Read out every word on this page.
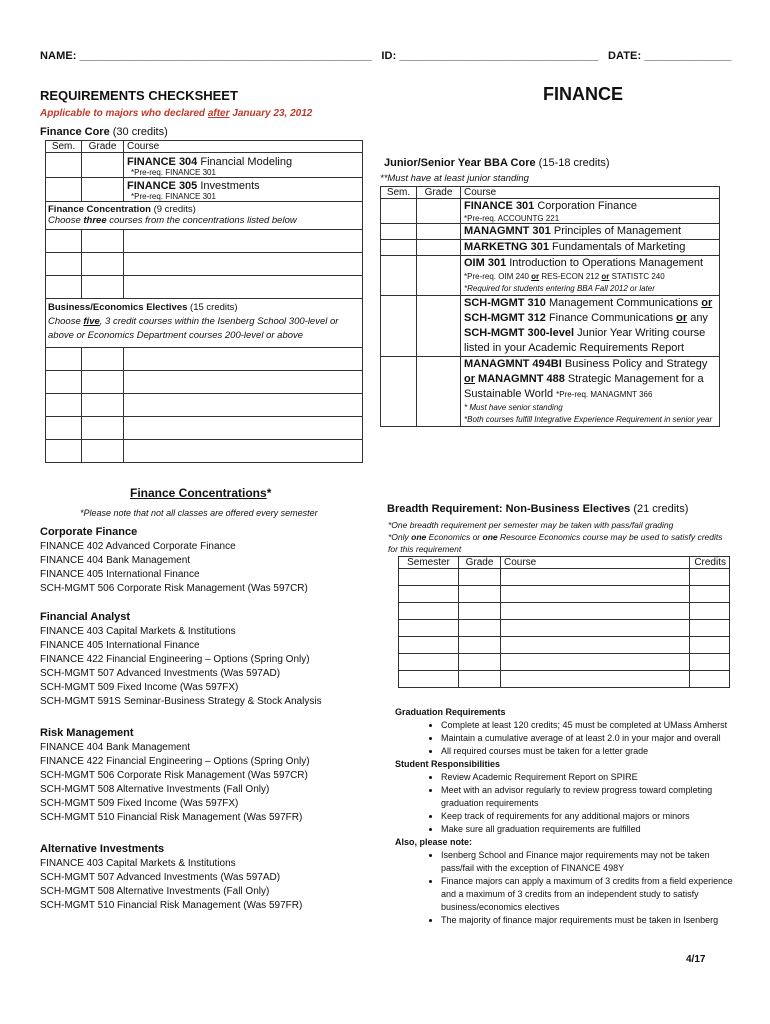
NAME: _______________________________________________ ID: ________________________________ DATE: ______________
REQUIREMENTS CHECKSHEET	FINANCE
Applicable to majors who declared after January 23, 2012
Finance Core (30 credits)
Sem.	Grade	Course

		FINANCE 304 Financial Modeling
*Pre-req. FINANCE 301

		FINANCE 305 Investments
*Pre-req. FINANCE 301

Finance Concentration (9 credits)
Choose three courses from the concentrations listed below		

Business/Economics Electives (15 credits)
Choose five, 3 credit courses within the Isenberg School 300-level or above or Economics Department courses 200-level or above		

Finance Concentrations*
*Please note that not all classes are offered every semester
Corporate Finance
FINANCE 402 Advanced Corporate Finance
FINANCE 404 Bank Management
FINANCE 405 International Finance
SCH-MGMT 506 Corporate Risk Management (Was 597CR)
Financial Analyst
FINANCE 403 Capital Markets & Institutions
FINANCE 405 International Finance
FINANCE 422 Financial Engineering – Options (Spring Only)
SCH-MGMT 507 Advanced Investments (Was 597AD)
SCH-MGMT 509 Fixed Income (Was 597FX)
SCH-MGMT 591S Seminar-Business Strategy & Stock Analysis
Risk Management
FINANCE 404 Bank Management
FINANCE 422 Financial Engineering – Options (Spring Only)
SCH-MGMT 506 Corporate Risk Management (Was 597CR)
SCH-MGMT 508 Alternative Investments (Fall Only)
SCH-MGMT 509 Fixed Income (Was 597FX)
SCH-MGMT 510 Financial Risk Management (Was 597FR)
Alternative Investments
FINANCE 403 Capital Markets & Institutions
SCH-MGMT 507 Advanced Investments (Was 597AD)
SCH-MGMT 508 Alternative Investments (Fall Only)
SCH-MGMT 510 Financial Risk Management (Was 597FR)
Junior/Senior Year BBA Core (15-18 credits)
**Must have at least junior standing
Sem.	Grade	Course

		FINANCE 301 Corporation Finance
*Pre-req. ACCOUNTG 221

		MANAGMNT 301 Principles of Management
		MARKETNG 301 Fundamentals of Marketing

		OIM 301 Introduction to Operations Management
*Pre-req. OIM 240 or RES-ECON 212 or STATISTC 240
*Required for students entering BBA Fall 2012 or later

		SCH-MGMT 310 Management Communications or SCH-MGMT 312 Finance Communications or any SCH-MGMT 300-level Junior Year Writing course listed in your Academic Requirements Report

		MANAGMNT 494BI Business Policy and Strategy or MANAGMNT 488 Strategic Management for a Sustainable World *Pre-req. MANAGMNT 366
* Must have senior standing
*Both courses fulfill Integrative Experience Requirement in senior year
Breadth Requirement: Non-Business Electives (21 credits)
*One breadth requirement per semester may be taken with pass/fail grading
*Only one Economics or one Resource Economics course may be used to satisfy credits for this requirement
Semester	Grade	Course	Credits

Graduation Requirements
• Complete at least 120 credits; 45 must be completed at UMass Amherst
• Maintain a cumulative average of at least 2.0 in your major and overall
• All required courses must be taken for a letter grade
Student Responsibilities
• Review Academic Requirement Report on SPIRE
• Meet with an advisor regularly to review progress toward completing graduation requirements
• Keep track of requirements for any additional majors or minors
• Make sure all graduation requirements are fulfilled
Also, please note:
• Isenberg School and Finance major requirements may not be taken pass/fail with the exception of FINANCE 498Y
• Finance majors can apply a maximum of 3 credits from a field experience and a maximum of 3 credits from an independent study to satisfy business/economics electives
• The majority of finance major requirements must be taken in Isenberg
4/17
